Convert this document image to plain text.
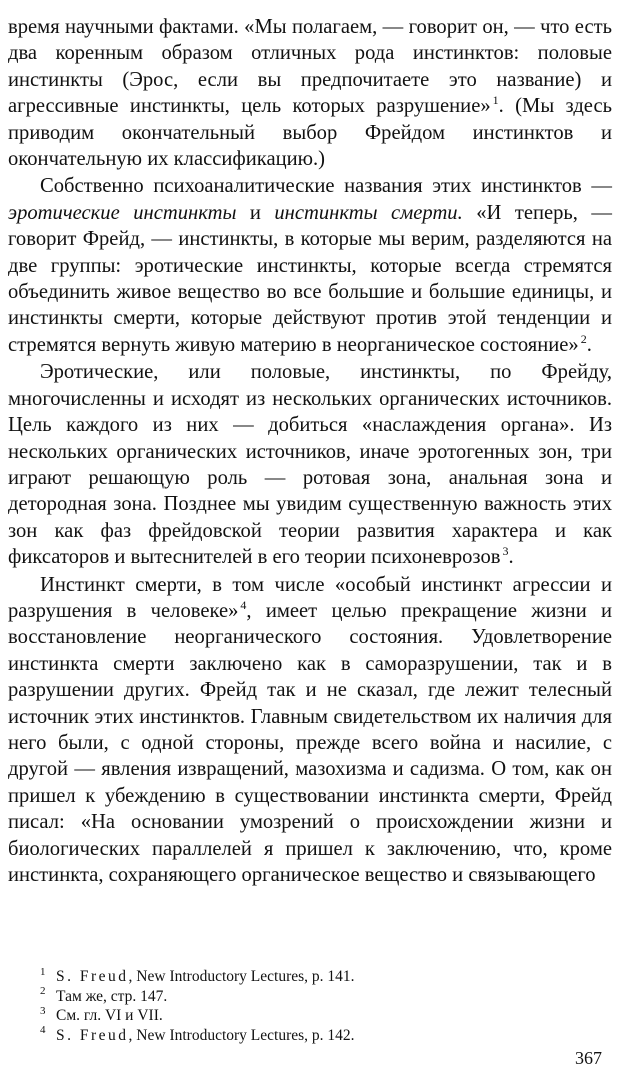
время научными фактами. «Мы полагаем, — говорит он, — что есть два коренным образом отличных рода инстинктов: половые инстинкты (Эрос, если вы предпочитаете это название) и агрессивные инстинкты, цель которых разрушение» $^1$. (Мы здесь приводим окончательный выбор Фрейдом инстинктов и окончательную их классификацию.)

Собственно психоаналитические названия этих инстинктов — эротические инстинкты и инстинкты смерти. «И теперь, — говорит Фрейд, — инстинкты, в которые мы верим, разделяются на две группы: эротические инстинкты, которые всегда стремятся объединить живое вещество во все большие и большие единицы, и инстинкты смерти, которые действуют против этой тенденции и стремятся вернуть живую материю в неорганическое состояние» $^2$.

Эротические, или половые, инстинкты, по Фрейду, многочисленны и исходят из нескольких органических источников. Цель каждого из них — добиться «наслаждения органа». Из нескольких органических источников, иначе эротогенных зон, три играют решающую роль — ротовая зона, анальная зона и детородная зона. Позднее мы увидим существенную важность этих зон как фаз фрейдовской теории развития характера и как фиксаторов и вытеснителей в его теории психоневрозов $^3$.

Инстинкт смерти, в том числе «особый инстинкт агрессии и разрушения в человеке» $^4$, имеет целью прекращение жизни и восстановление неорганического состояния. Удовлетворение инстинкта смерти заключено как в саморазрушении, так и в разрушении других. Фрейд так и не сказал, где лежит телесный источник этих инстинктов. Главным свидетельством их наличия для него были, с одной стороны, прежде всего война и насилие, с другой — явления извращений, мазохизма и садизма. О том, как он пришел к убеждению в существовании инстинкта смерти, Фрейд писал: «На основании умозрений о происхождении жизни и биологических параллелей я пришел к заключению, что, кроме инстинкта, сохраняющего органическое вещество и связывающего

1 S. Freud, New Introductory Lectures, p. 141.
2 Там же, стр. 147.
3 См. гл. VI и VII.
4 S. Freud, New Introductory Lectures, p. 142.
367
